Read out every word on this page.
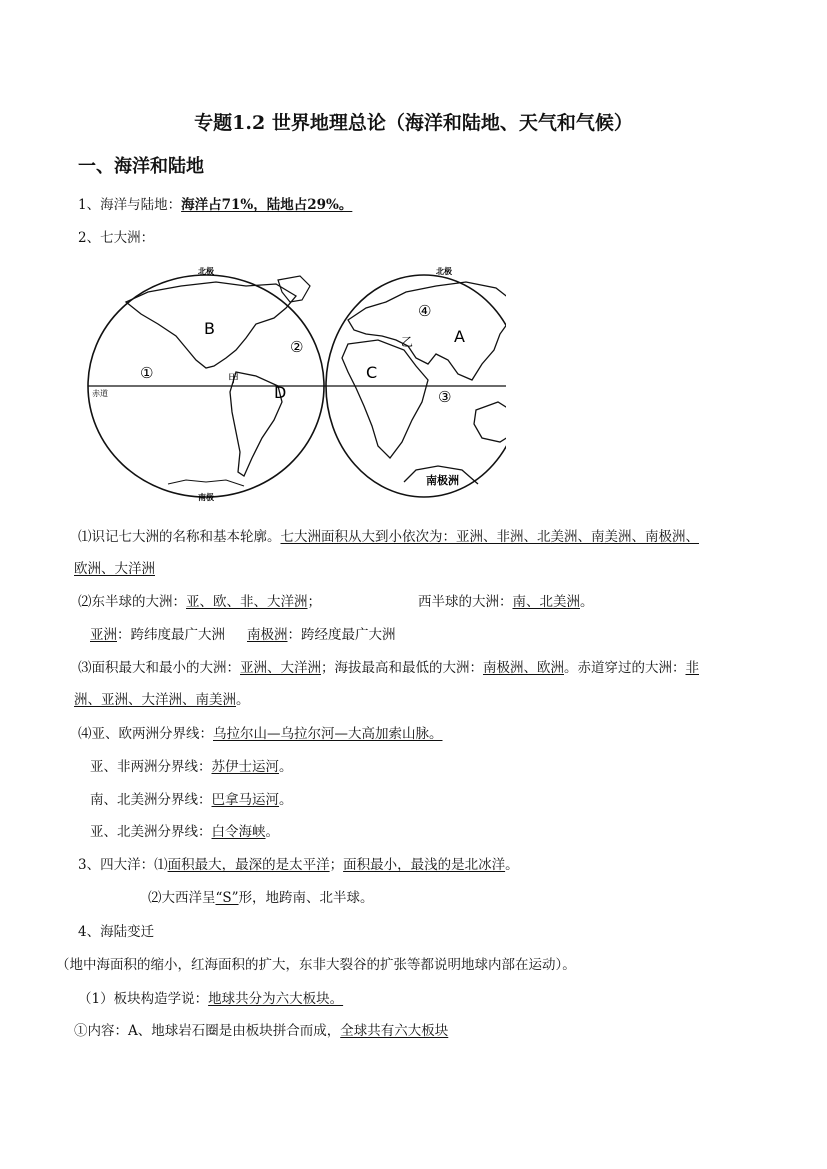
专题1.2 世界地理总论（海洋和陆地、天气和气候）
一、海洋和陆地
1、海洋与陆地：海洋占71%，陆地占29%。
2、七大洲：
北极	北极
南极
赤道
南极洲
甲
乙
B
D
C
A
①
②
③
④
⑴识记七大洲的名称和基本轮廓。七大洲面积从大到小依次为：亚洲、非洲、北美洲、南美洲、南极洲、
欧洲、大洋洲
⑵东半球的大洲：亚、欧、非、大洋洲；	西半球的大洲：南、北美洲。
亚洲：跨纬度最广大洲 南极洲：跨经度最广大洲
⑶面积最大和最小的大洲：亚洲、大洋洲；海拔最高和最低的大洲：南极洲、欧洲。赤道穿过的大洲：非
洲、亚洲、大洋洲、南美洲。
⑷亚、欧两洲分界线：乌拉尔山—乌拉尔河—大高加索山脉。
亚、非两洲分界线：苏伊士运河。
南、北美洲分界线：巴拿马运河。
亚、北美洲分界线：白令海峡。
3、四大洋：⑴面积最大，最深的是太平洋；面积最小，最浅的是北冰洋。
⑵大西洋呈“S”形，地跨南、北半球。
4、海陆变迁
（地中海面积的缩小，红海面积的扩大，东非大裂谷的扩张等都说明地球内部在运动）。
（1）板块构造学说：地球共分为六大板块。
①内容：A、地球岩石圈是由板块拼合而成，全球共有六大板块
